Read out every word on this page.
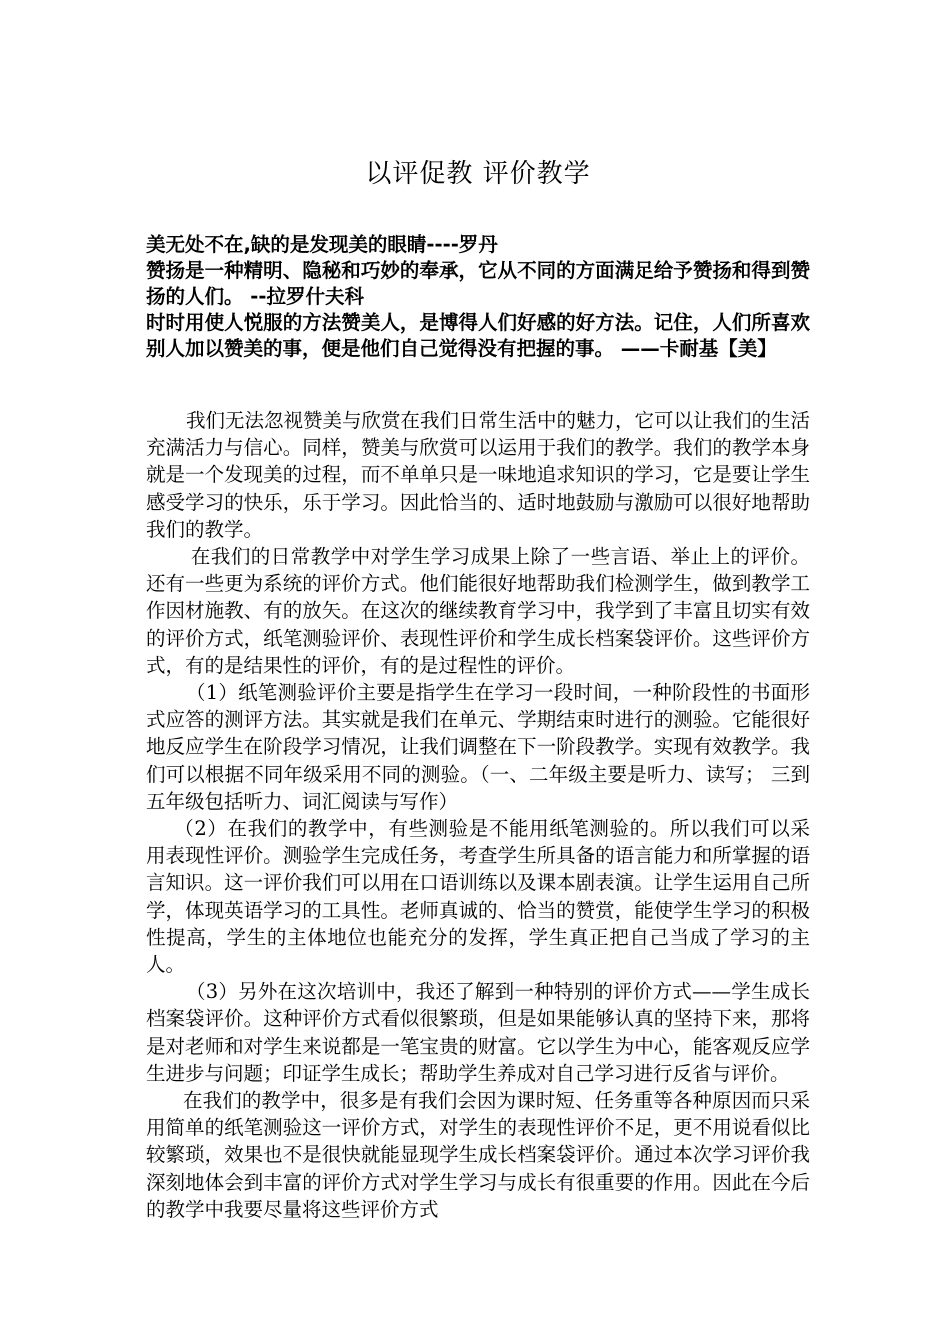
以评促教 评价教学

美无处不在,缺的是发现美的眼睛----罗丹

赞扬是一种精明、隐秘和巧妙的奉承，它从不同的方面满足给予赞扬和得到赞扬的人们。 --拉罗什夫科

时时用使人悦服的方法赞美人，是博得人们好感的好方法。记住，人们所喜欢别人加以赞美的事，便是他们自己觉得没有把握的事。 ——卡耐基【美】

我们无法忽视赞美与欣赏在我们日常生活中的魅力，它可以让我们的生活充满活力与信心。同样，赞美与欣赏可以运用于我们的教学。我们的教学本身就是一个发现美的过程，而不单单只是一味地追求知识的学习，它是要让学生感受学习的快乐，乐于学习。因此恰当的、适时地鼓励与激励可以很好地帮助我们的教学。

在我们的日常教学中对学生学习成果上除了一些言语、举止上的评价。还有一些更为系统的评价方式。他们能很好地帮助我们检测学生，做到教学工作因材施教、有的放矢。在这次的继续教育学习中，我学到了丰富且切实有效的评价方式，纸笔测验评价、表现性评价和学生成长档案袋评价。这些评价方式，有的是结果性的评价，有的是过程性的评价。

（1）纸笔测验评价主要是指学生在学习一段时间，一种阶段性的书面形式应答的测评方法。其实就是我们在单元、学期结束时进行的测验。它能很好地反应学生在阶段学习情况，让我们调整在下一阶段教学。实现有效教学。我们可以根据不同年级采用不同的测验。（一、二年级主要是听力、读写； 三到五年级包括听力、词汇阅读与写作）

（2）在我们的教学中，有些测验是不能用纸笔测验的。所以我们可以采用表现性评价。测验学生完成任务，考查学生所具备的语言能力和所掌握的语言知识。这一评价我们可以用在口语训练以及课本剧表演。让学生运用自己所学，体现英语学习的工具性。老师真诚的、恰当的赞赏，能使学生学习的积极性提高，学生的主体地位也能充分的发挥，学生真正把自己当成了学习的主人。

（3）另外在这次培训中，我还了解到一种特别的评价方式——学生成长档案袋评价。这种评价方式看似很繁琐，但是如果能够认真的坚持下来，那将是对老师和对学生来说都是一笔宝贵的财富。它以学生为中心，能客观反应学生进步与问题；印证学生成长；帮助学生养成对自己学习进行反省与评价。

在我们的教学中，很多是有我们会因为课时短、任务重等各种原因而只采用简单的纸笔测验这一评价方式，对学生的表现性评价不足，更不用说看似比较繁琐，效果也不是很快就能显现学生成长档案袋评价。通过本次学习评价我深刻地体会到丰富的评价方式对学生学习与成长有很重要的作用。因此在今后的教学中我要尽量将这些评价方式
